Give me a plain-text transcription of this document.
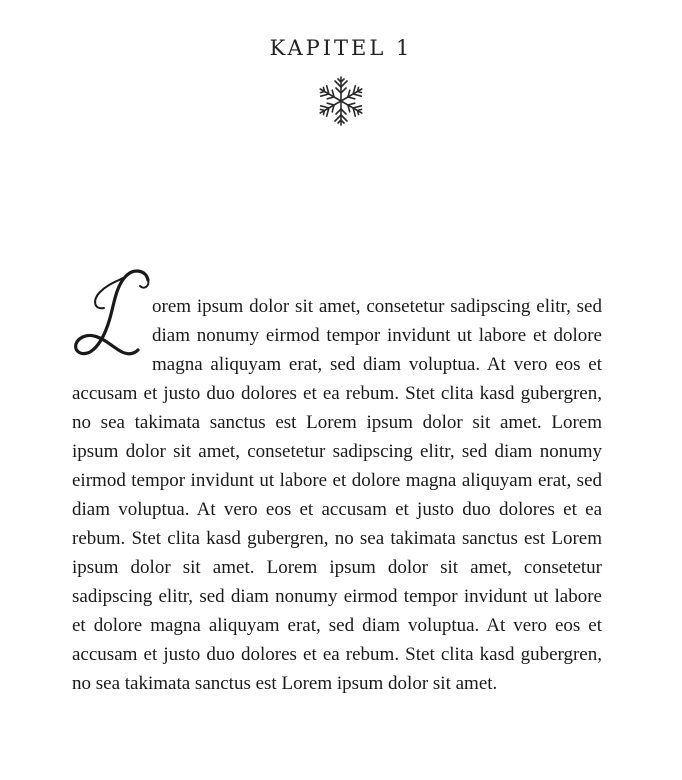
KAPITEL 1

orem ipsum dolor sit amet, consetetur sadipscing elitr, sed diam nonumy eirmod tempor invidunt ut labore et dolore magna aliquyam erat, sed diam voluptua. At vero eos et accusam et justo duo dolores et ea rebum. Stet clita kasd gubergren, no sea takimata sanctus est Lorem ipsum dolor sit amet. Lorem ipsum dolor sit amet, consetetur sadipscing elitr, sed diam nonumy eirmod tempor invidunt ut labore et dolore magna aliquyam erat, sed diam voluptua. At vero eos et accusam et justo duo dolores et ea rebum. Stet clita kasd gubergren, no sea takimata sanctus est Lorem ipsum dolor sit amet. Lorem ipsum dolor sit amet, consetetur sadipscing elitr, sed diam nonumy eirmod tempor invidunt ut labore et dolore magna aliquyam erat, sed diam voluptua. At vero eos et accusam et justo duo dolores et ea rebum. Stet clita kasd gubergren, no sea takimata sanctus est Lorem ipsum dolor sit amet.
